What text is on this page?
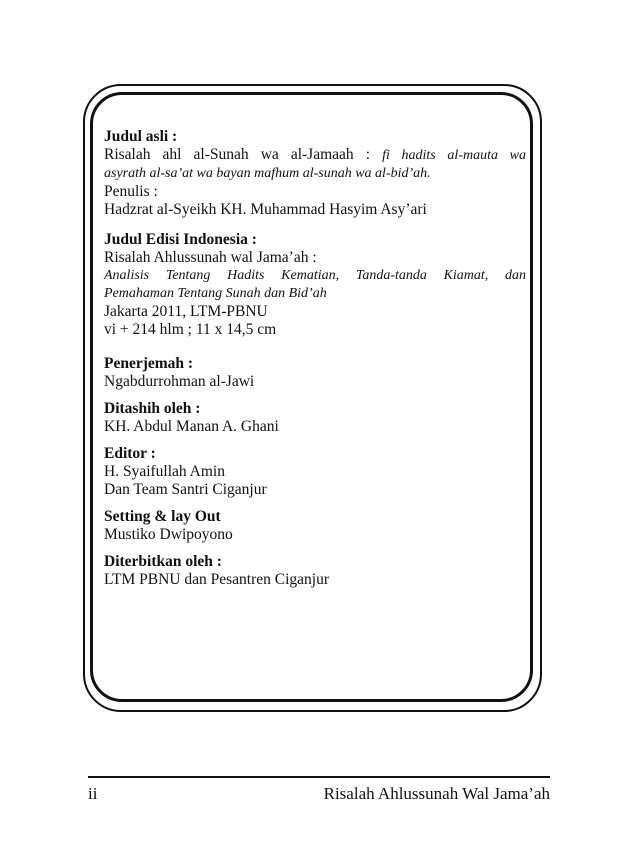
Judul asli :
Risalah ahl al-Sunah wa al-Jamaah : fi hadits al-mauta wa
asyrath al-sa’at wa bayan mafhum al-sunah wa al-bid’ah.
Penulis :
Hadzrat al-Syeikh KH. Muhammad Hasyim Asy’ari
Judul Edisi Indonesia :
Risalah Ahlussunah wal Jama’ah :
Analisis Tentang Hadits Kematian, Tanda-tanda Kiamat, dan
Pemahaman Tentang Sunah dan Bid’ah
Jakarta 2011, LTM-PBNU
vi + 214 hlm ; 11 x 14,5 cm
Penerjemah :
Ngabdurrohman al-Jawi
Ditashih oleh :
KH. Abdul Manan A. Ghani
Editor :
H. Syaifullah Amin
Dan Team Santri Ciganjur
Setting & lay Out
Mustiko Dwipoyono
Diterbitkan oleh :
LTM PBNU dan Pesantren Ciganjur
ii	Risalah Ahlussunah Wal Jama’ah
